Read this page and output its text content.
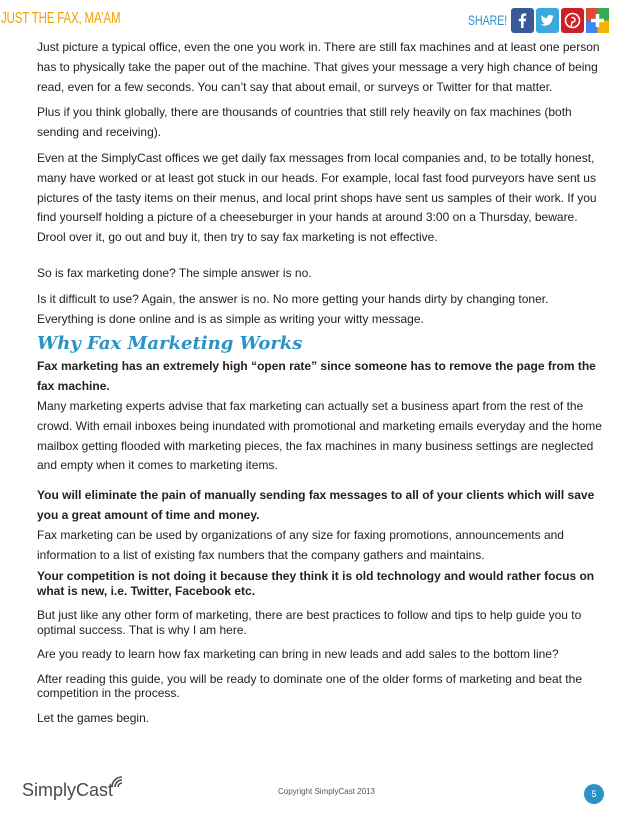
JUST THE FAX, MA'AM	SHARE!

Just picture a typical office, even the one you work in. There are still fax machines and at least one person has to physically take the paper out of the machine. That gives your message a very high chance of being read, even for a few seconds. You can’t say that about email, or surveys or Twitter for that matter.

Plus if you think globally, there are thousands of countries that still rely heavily on fax machines (both sending and receiving).

Even at the SimplyCast offices we get daily fax messages from local companies and, to be totally honest, many have worked or at least got stuck in our heads. For example, local fast food purveyors have sent us pictures of the tasty items on their menus, and local print shops have sent us samples of their work. If you find yourself holding a picture of a cheeseburger in your hands at around 3:00 on a Thursday, beware. Drool over it, go out and buy it, then try to say fax marketing is not effective.

So is fax marketing done? The simple answer is no.

Is it difficult to use? Again, the answer is no. No more getting your hands dirty by changing toner. Everything is done online and is as simple as writing your witty message.

Why Fax Marketing Works

Fax marketing has an extremely high “open rate” since someone has to remove the page from the fax machine.

Many marketing experts advise that fax marketing can actually set a business apart from the rest of the crowd. With email inboxes being inundated with promotional and marketing emails everyday and the home mailbox getting flooded with marketing pieces, the fax machines in many business settings are neglected and empty when it comes to marketing items.

You will eliminate the pain of manually sending fax messages to all of your clients which will save you a great amount of time and money.

Fax marketing can be used by organizations of any size for faxing promotions, announcements and information to a list of existing fax numbers that the company gathers and maintains.

Your competition is not doing it because they think it is old technology and would rather focus on what is new, i.e. Twitter, Facebook etc.

But just like any other form of marketing, there are best practices to follow and tips to help guide you to optimal success. That is why I am here.

Are you ready to learn how fax marketing can bring in new leads and add sales to the bottom line?

After reading this guide, you will be ready to dominate one of the older forms of marketing and beat the competition in the process.

Let the games begin.

SimplyCast	Copyright SimplyCast 2013	5
